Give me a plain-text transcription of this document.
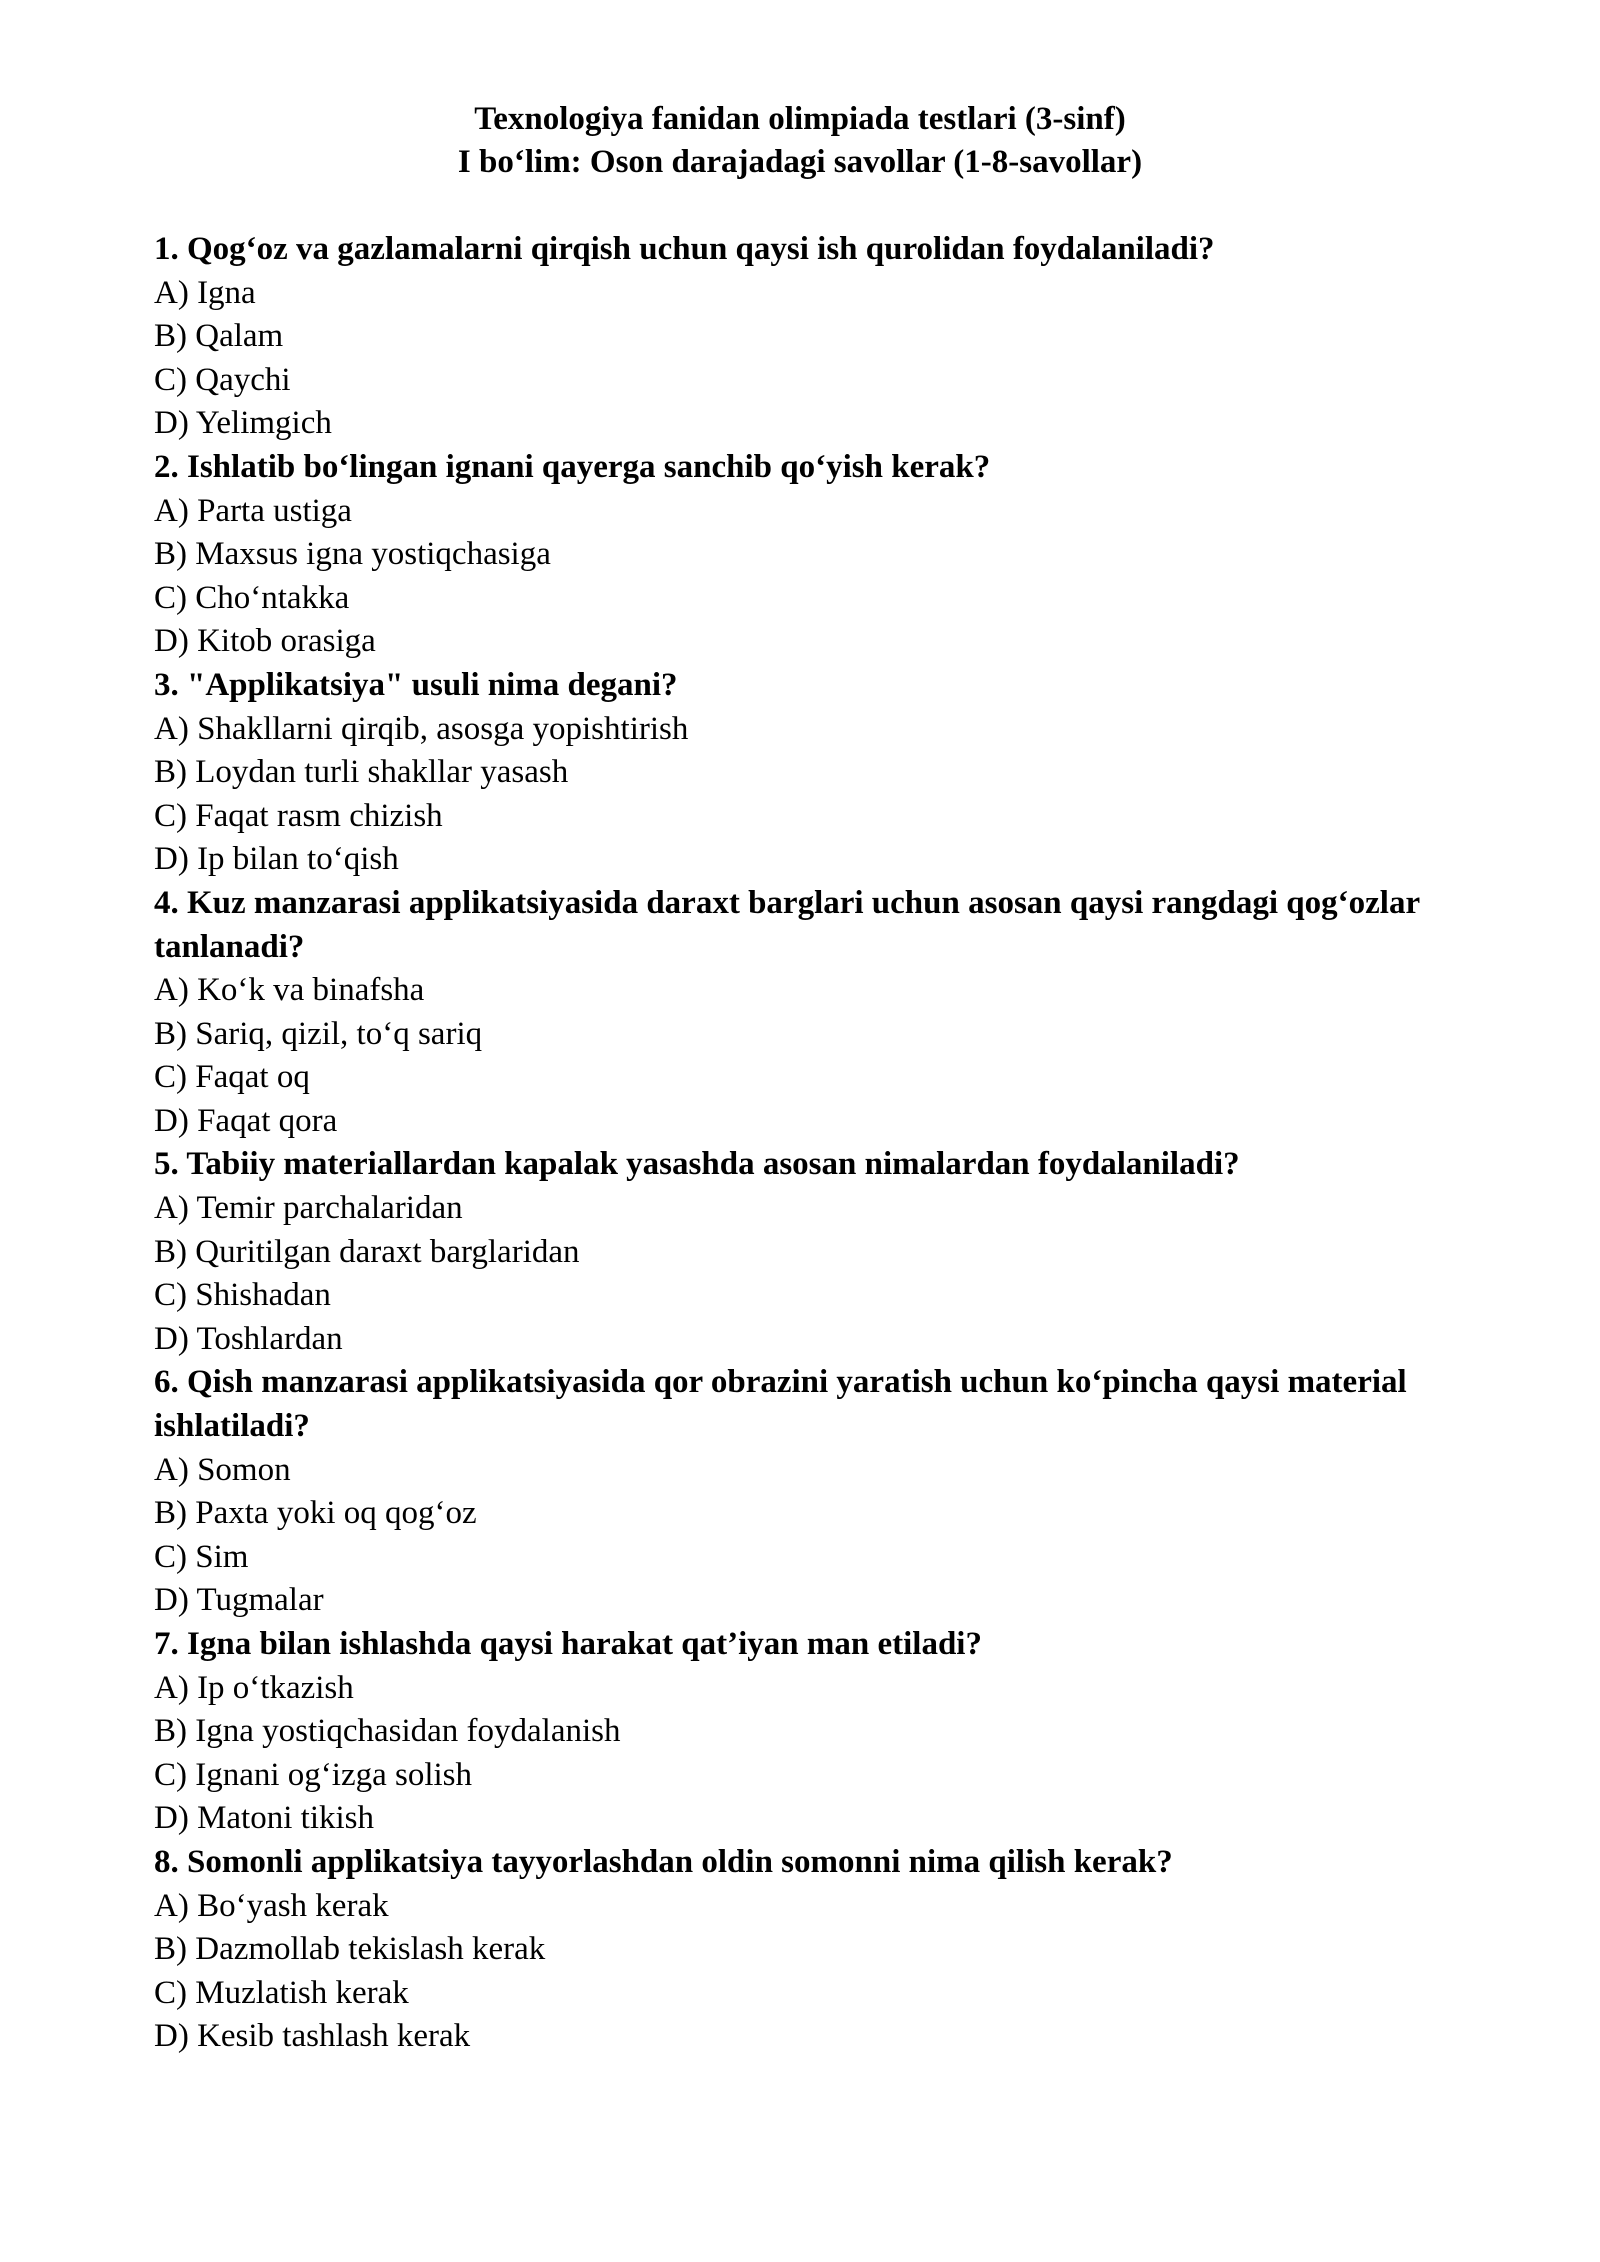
Texnologiya fanidan olimpiada testlari (3-sinf)
I bo‘lim: Oson darajadagi savollar (1-8-savollar)
1. Qog‘oz va gazlamalarni qirqish uchun qaysi ish qurolidan foydalaniladi?
A) Igna
B) Qalam
C) Qaychi
D) Yelimgich
2. Ishlatib bo‘lingan ignani qayerga sanchib qo‘yish kerak?
A) Parta ustiga
B) Maxsus igna yostiqchasiga
C) Cho‘ntakka
D) Kitob orasiga
3. "Applikatsiya" usuli nima degani?
A) Shakllarni qirqib, asosga yopishtirish
B) Loydan turli shakllar yasash
C) Faqat rasm chizish
D) Ip bilan to‘qish
4. Kuz manzarasi applikatsiyasida daraxt barglari uchun asosan qaysi rangdagi qog‘ozlar tanlanadi?
A) Ko‘k va binafsha
B) Sariq, qizil, to‘q sariq
C) Faqat oq
D) Faqat qora
5. Tabiiy materiallardan kapalak yasashda asosan nimalardan foydalaniladi?
A) Temir parchalaridan
B) Quritilgan daraxt barglaridan
C) Shishadan
D) Toshlardan
6. Qish manzarasi applikatsiyasida qor obrazini yaratish uchun ko‘pincha qaysi material ishlatiladi?
A) Somon
B) Paxta yoki oq qog‘oz
C) Sim
D) Tugmalar
7. Igna bilan ishlashda qaysi harakat qat’iyan man etiladi?
A) Ip o‘tkazish
B) Igna yostiqchasidan foydalanish
C) Ignani og‘izga solish
D) Matoni tikish
8. Somonli applikatsiya tayyorlashdan oldin somonni nima qilish kerak?
A) Bo‘yash kerak
B) Dazmollab tekislash kerak
C) Muzlatish kerak
D) Kesib tashlash kerak
